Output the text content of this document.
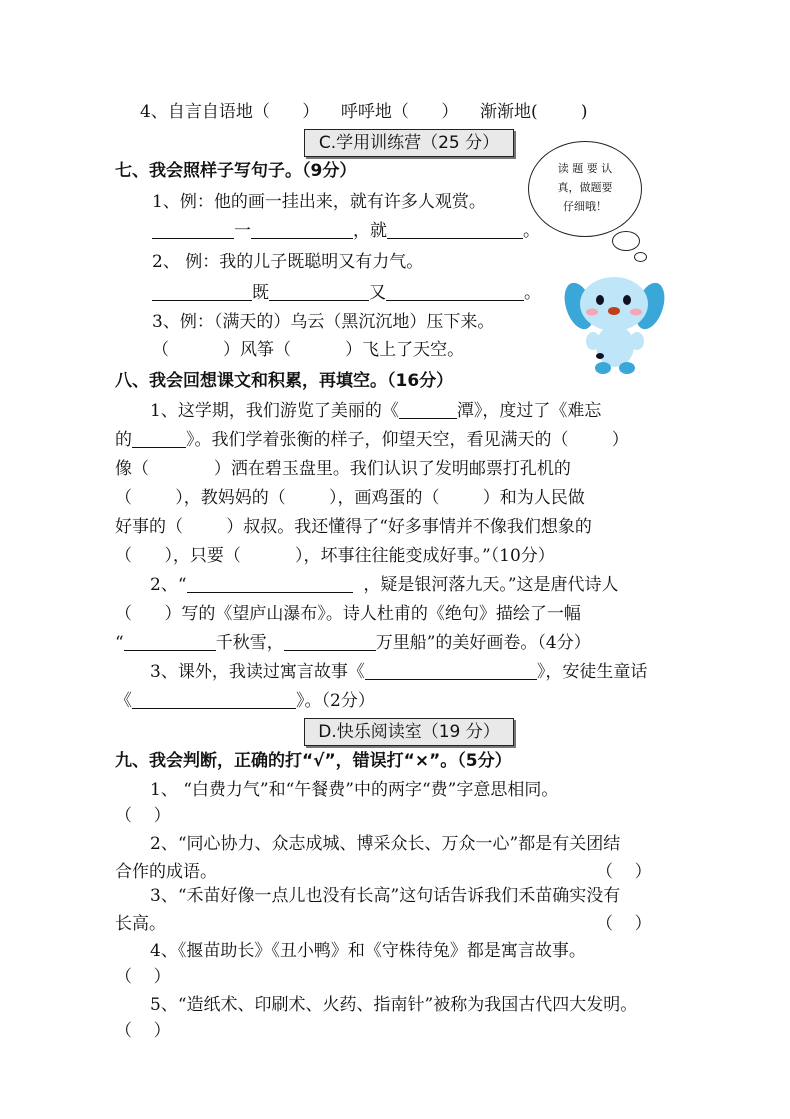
4、自言自语地（ ） 呼呼地（ ） 渐渐地(	)
C.学用训练营（25 分）
读 题 要 认
真，做题要
仔细哦！
七、我会照样子写句子。（9分）
1、例：他的画一挂出来，就有许多人观赏。
一	，就	。
2、 例：我的儿子既聪明又有力气。
既	又	。
3、例：（满天的）乌云（黑沉沉地）压下来。
（	）风筝（	）飞上了天空。
八、我会回想课文和积累，再填空。（16分）
1、这学期，我们游览了美丽的《	潭》，度过了《难忘
的	》。我们学着张衡的样子，仰望天空，看见满天的（	）
像（	）洒在碧玉盘里。我们认识了发明邮票打孔机的
（	），教妈妈的（	），画鸡蛋的（	）和为人民做
好事的（	）叔叔。我还懂得了“好多事情并不像我们想象的
（ ），只要（	），坏事往往能变成好事。”（10分）
2、“	，疑是银河落九天。”这是唐代诗人
（ ）写的《望庐山瀑布》。诗人杜甫的《绝句》描绘了一幅
“	千秋雪，	万里船”的美好画卷。（4分）
3、课外，我读过寓言故事《	》，安徒生童话
《	》。（2分）
D.快乐阅读室（19 分）
九、我会判断，正确的打“√”，错误打“×”。（5分）
1、 “白费力气”和“午餐费”中的两字“费”字意思相同。
（    ）
2、“同心协力、众志成城、博采众长、万众一心”都是有关团结
合作的成语。	（    ）
3、“禾苗好像一点儿也没有长高”这句话告诉我们禾苗确实没有
长高。	（    ）
4、《揠苗助长》《丑小鸭》和《守株待兔》都是寓言故事。
（    ）
5、“造纸术、印刷术、火药、指南针”被称为我国古代四大发明。
（    ）
